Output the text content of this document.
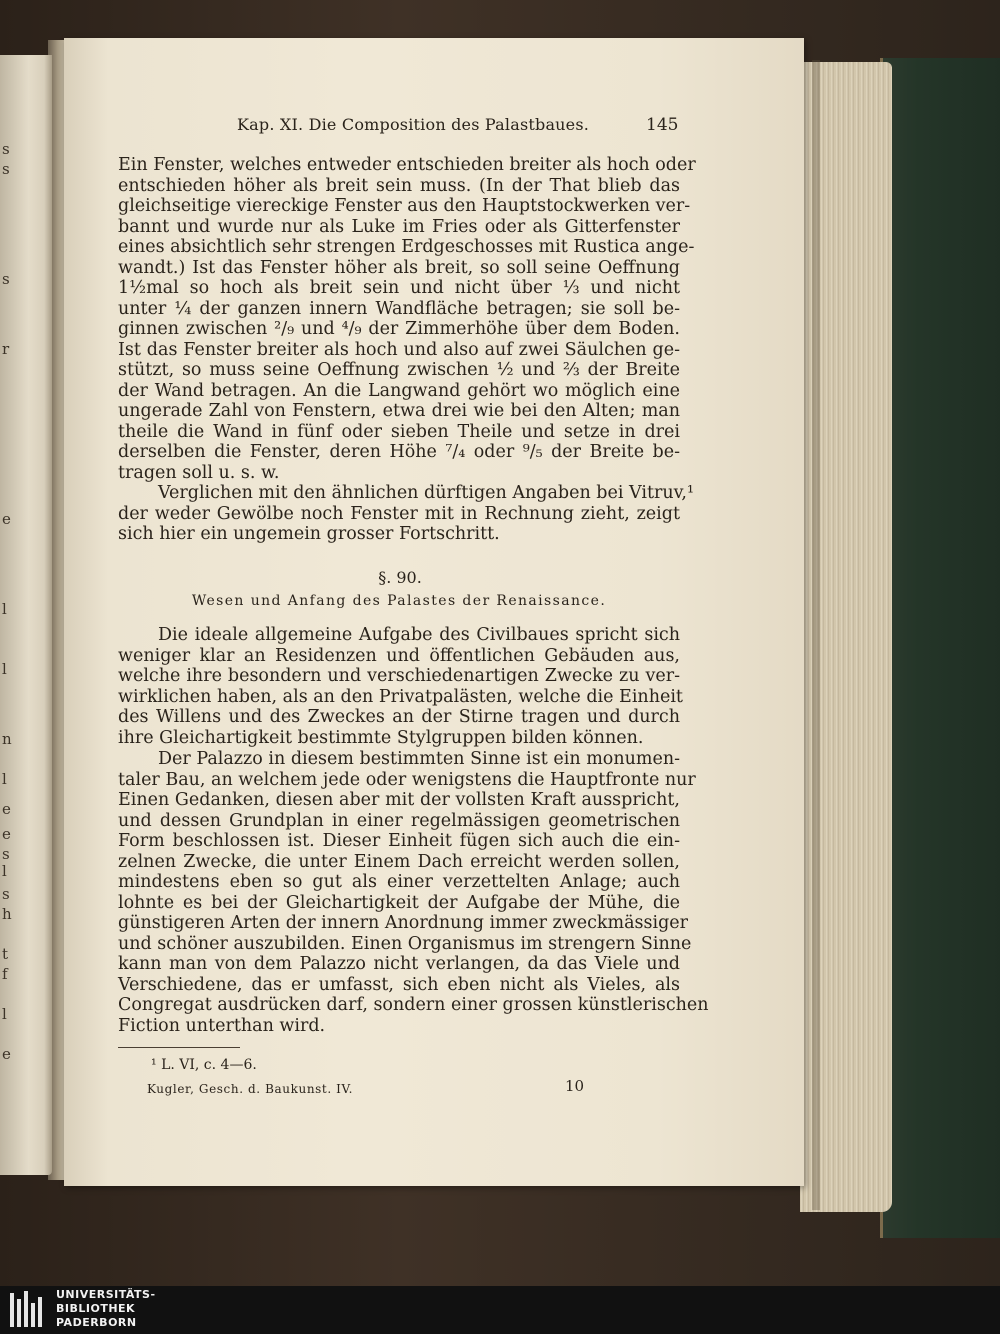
s
s
s
r
e
l
l
n
l
e
e
s
l
s
h
t
f
l
e
Kap. XI. Die Composition des Palastbaues.	145
Ein Fenster, welches entweder entschieden breiter als hoch oder
entschieden höher als breit sein muss. (In der That blieb das
gleichseitige viereckige Fenster aus den Hauptstockwerken ver-
bannt und wurde nur als Luke im Fries oder als Gitterfenster
eines absichtlich sehr strengen Erdgeschosses mit Rustica ange-
wandt.) Ist das Fenster höher als breit, so soll seine Oeffnung
1½mal so hoch als breit sein und nicht über ⅓ und nicht
unter ¼ der ganzen innern Wandfläche betragen; sie soll be-
ginnen zwischen ²/₉ und ⁴/₉ der Zimmerhöhe über dem Boden.
Ist das Fenster breiter als hoch und also auf zwei Säulchen ge-
stützt, so muss seine Oeffnung zwischen ½ und ⅔ der Breite
der Wand betragen. An die Langwand gehört wo möglich eine
ungerade Zahl von Fenstern, etwa drei wie bei den Alten; man
theile die Wand in fünf oder sieben Theile und setze in drei
derselben die Fenster, deren Höhe ⁷/₄ oder ⁹/₅ der Breite be-
tragen soll u. s. w.
Verglichen mit den ähnlichen dürftigen Angaben bei Vitruv,¹
der weder Gewölbe noch Fenster mit in Rechnung zieht, zeigt
sich hier ein ungemein grosser Fortschritt.
§. 90.
Wesen und Anfang des Palastes der Renaissance.
Die ideale allgemeine Aufgabe des Civilbaues spricht sich
weniger klar an Residenzen und öffentlichen Gebäuden aus,
welche ihre besondern und verschiedenartigen Zwecke zu ver-
wirklichen haben, als an den Privatpalästen, welche die Einheit
des Willens und des Zweckes an der Stirne tragen und durch
ihre Gleichartigkeit bestimmte Stylgruppen bilden können.
Der Palazzo in diesem bestimmten Sinne ist ein monumen-
taler Bau, an welchem jede oder wenigstens die Hauptfronte nur
Einen Gedanken, diesen aber mit der vollsten Kraft ausspricht,
und dessen Grundplan in einer regelmässigen geometrischen
Form beschlossen ist. Dieser Einheit fügen sich auch die ein-
zelnen Zwecke, die unter Einem Dach erreicht werden sollen,
mindestens eben so gut als einer verzettelten Anlage; auch
lohnte es bei der Gleichartigkeit der Aufgabe der Mühe, die
günstigeren Arten der innern Anordnung immer zweckmässiger
und schöner auszubilden. Einen Organismus im strengern Sinne
kann man von dem Palazzo nicht verlangen, da das Viele und
Verschiedene, das er umfasst, sich eben nicht als Vieles, als
Congregat ausdrücken darf, sondern einer grossen künstlerischen
Fiction unterthan wird.
¹ L. VI, c. 4—6.
Kugler, Gesch. d. Baukunst. IV.	10
UNIVERSITÄTS-
BIBLIOTHEK
PADERBORN
